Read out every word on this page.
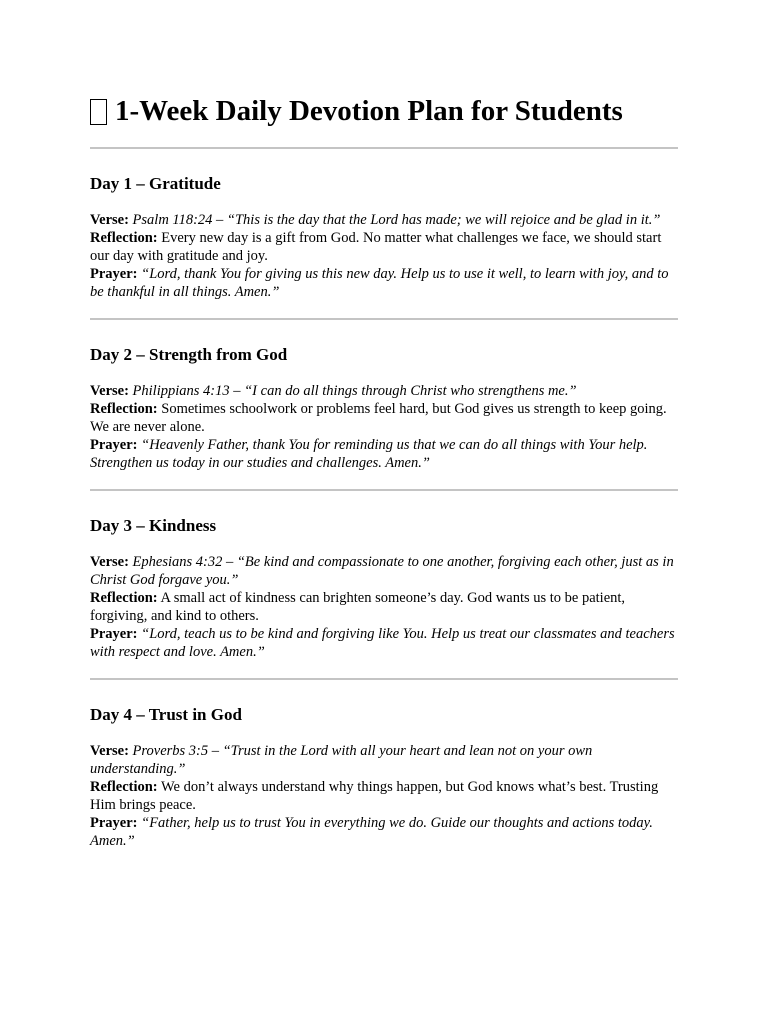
1-Week Daily Devotion Plan for Students
Day 1 – Gratitude

Verse: Psalm 118:24 – “This is the day that the Lord has made; we will rejoice and be glad in it.”

Reflection: Every new day is a gift from God. No matter what challenges we face, we should start our day with gratitude and joy.

Prayer: “Lord, thank You for giving us this new day. Help us to use it well, to learn with joy, and to be thankful in all things. Amen.”

Day 2 – Strength from God

Verse: Philippians 4:13 – “I can do all things through Christ who strengthens me.”

Reflection: Sometimes schoolwork or problems feel hard, but God gives us strength to keep going. We are never alone.

Prayer: “Heavenly Father, thank You for reminding us that we can do all things with Your help. Strengthen us today in our studies and challenges. Amen.”

Day 3 – Kindness

Verse: Ephesians 4:32 – “Be kind and compassionate to one another, forgiving each other, just as in Christ God forgave you.”

Reflection: A small act of kindness can brighten someone’s day. God wants us to be patient, forgiving, and kind to others.

Prayer: “Lord, teach us to be kind and forgiving like You. Help us treat our classmates and teachers with respect and love. Amen.”

Day 4 – Trust in God

Verse: Proverbs 3:5 – “Trust in the Lord with all your heart and lean not on your own understanding.”

Reflection: We don’t always understand why things happen, but God knows what’s best. Trusting Him brings peace.

Prayer: “Father, help us to trust You in everything we do. Guide our thoughts and actions today. Amen.”
